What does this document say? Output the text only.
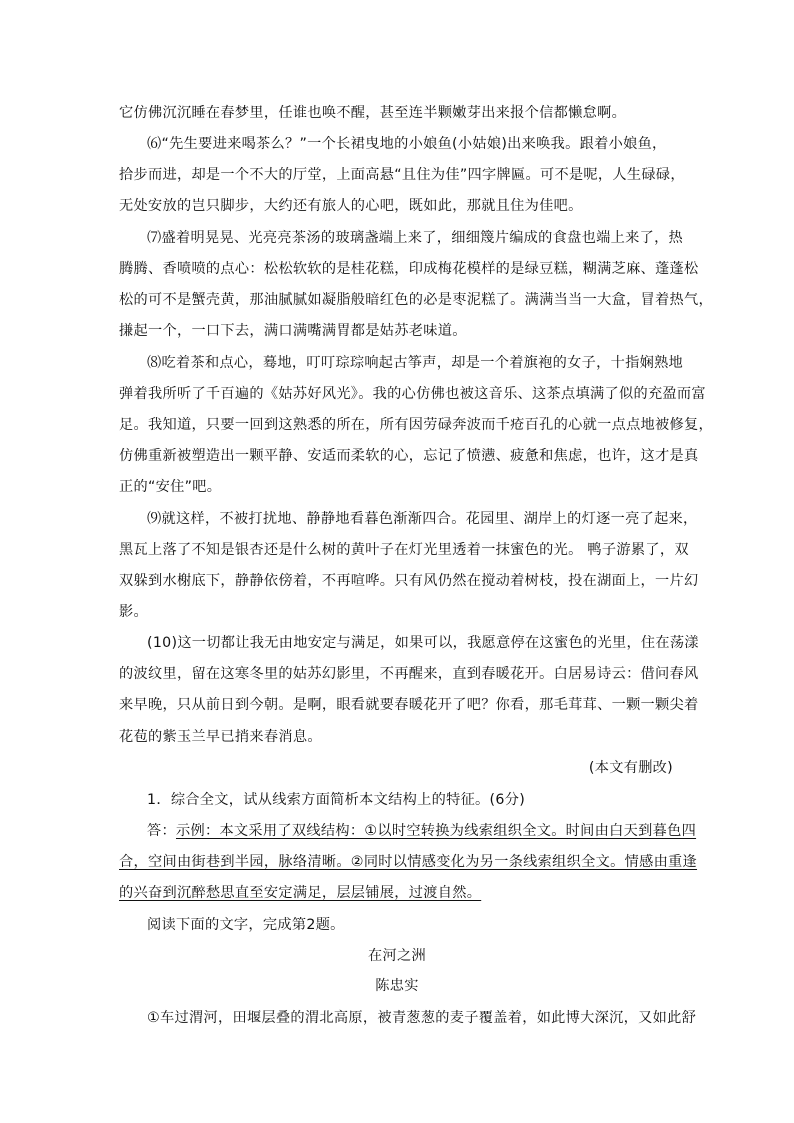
它仿佛沉沉睡在春梦里，任谁也唤不醒，甚至连半颗嫩芽出来报个信都懒怠啊。
⑹“先生要进来喝茶么？”一个长裙曳地的小娘鱼(小姑娘)出来唤我。跟着小娘鱼，
拾步而进，却是一个不大的厅堂，上面高悬“且住为佳”四字牌匾。可不是呢，人生碌碌，
无处安放的岂只脚步，大约还有旅人的心吧，既如此，那就且住为佳吧。
⑺盛着明晃晃、光亮亮茶汤的玻璃盏端上来了，细细篾片编成的食盘也端上来了，热
腾腾、香喷喷的点心：松松软软的是桂花糕，印成梅花模样的是绿豆糕，糊满芝麻、蓬蓬松
松的可不是蟹壳黄，那油腻腻如凝脂般暗红色的必是枣泥糕了。满满当当一大盒，冒着热气，
搛起一个，一口下去，满口满嘴满胃都是姑苏老味道。
⑻吃着茶和点心，蓦地，叮叮琮琮响起古筝声，却是一个着旗袍的女子，十指娴熟地
弹着我所听了千百遍的《姑苏好风光》。我的心仿佛也被这音乐、这茶点填满了似的充盈而富
足。我知道，只要一回到这熟悉的所在，所有因劳碌奔波而千疮百孔的心就一点点地被修复，
仿佛重新被塑造出一颗平静、安适而柔软的心，忘记了愤懑、疲惫和焦虑，也许，这才是真
正的“安住”吧。
⑼就这样，不被打扰地、静静地看暮色渐渐四合。花园里、湖岸上的灯逐一亮了起来，
黑瓦上落了不知是银杏还是什么树的黄叶子在灯光里透着一抹蜜色的光。 鸭子游累了，双
双躲到水榭底下，静静依傍着，不再喧哗。只有风仍然在搅动着树枝，投在湖面上，一片幻
影。
(10)这一切都让我无由地安定与满足，如果可以，我愿意停在这蜜色的光里，住在荡漾
的波纹里，留在这寒冬里的姑苏幻影里，不再醒来，直到春暖花开。白居易诗云：借问春风
来早晚，只从前日到今朝。是啊，眼看就要春暖花开了吧？你看，那毛茸茸、一颗一颗尖着
花苞的紫玉兰早已捎来春消息。
(本文有删改)
1．综合全文，试从线索方面简析本文结构上的特征。(6分)
答：示例：本文采用了双线结构：①以时空转换为线索组织全文。时间由白天到暮色四
合，空间由街巷到半园，脉络清晰。②同时以情感变化为另一条线索组织全文。情感由重逢
的兴奋到沉醉愁思直至安定满足，层层铺展，过渡自然。
阅读下面的文字，完成第2题。
在河之洲
陈忠实
①车过渭河，田堰层叠的渭北高原，被青葱葱的麦子覆盖着，如此博大深沉，又如此舒
